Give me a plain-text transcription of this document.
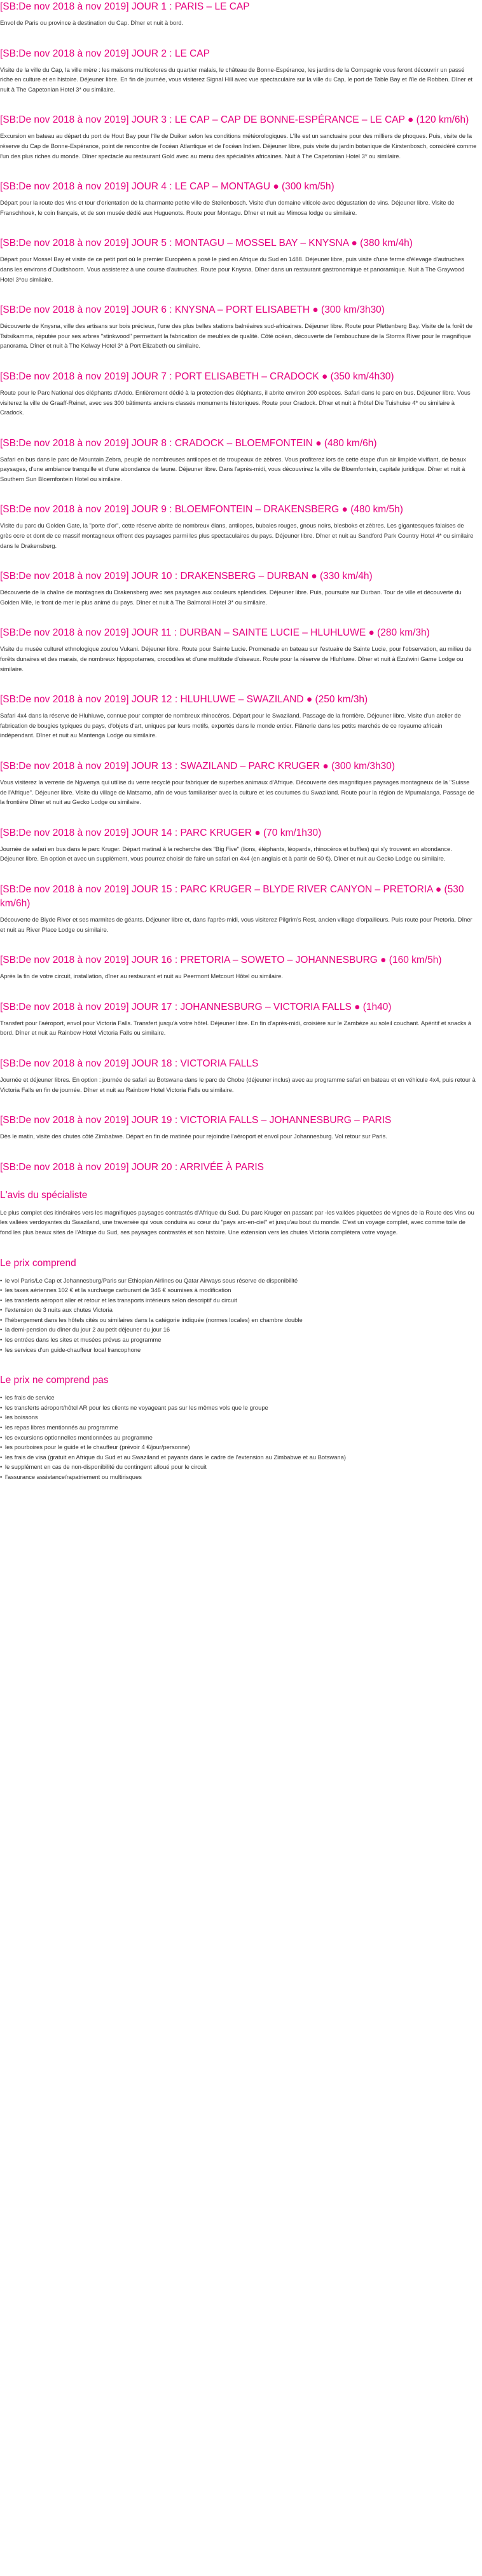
[SB:De nov 2018 à nov 2019] JOUR 1 : PARIS – LE CAP

Envol de Paris ou province à destination du Cap. Dîner et nuit à bord.

[SB:De nov 2018 à nov 2019] JOUR 2 : LE CAP

Visite de la ville du Cap, la ville mère : les maisons multicolores du quartier malais, le château de Bonne-Espérance, les jardins de la Compagnie vous feront découvrir un passé riche en culture et en histoire. Déjeuner libre. En fin de journée, vous visiterez Signal Hill avec vue spectaculaire sur la ville du Cap, le port de Table Bay et l'île de Robben. Dîner et nuit à The Capetonian Hotel 3* ou similaire.

[SB:De nov 2018 à nov 2019] JOUR 3 : LE CAP – CAP DE BONNE-ESPÉRANCE – LE CAP ● (120 km/6h)

Excursion en bateau au départ du port de Hout Bay pour l'île de Duiker selon les conditions météorologiques. L'île est un sanctuaire pour des milliers de phoques. Puis, visite de la réserve du Cap de Bonne-Espérance, point de rencontre de l'océan Atlantique et de l'océan Indien. Déjeuner libre, puis visite du jardin botanique de Kirstenbosch, considéré comme l'un des plus riches du monde. Dîner spectacle au restaurant Gold avec au menu des spécialités africaines. Nuit à The Capetonian Hotel 3* ou similaire.

[SB:De nov 2018 à nov 2019] JOUR 4 : LE CAP – MONTAGU ● (300 km/5h)

Départ pour la route des vins et tour d'orientation de la charmante petite ville de Stellenbosch. Visite d'un domaine viticole avec dégustation de vins. Déjeuner libre. Visite de Franschhoek, le coin français, et de son musée dédié aux Huguenots. Route pour Montagu. Dîner et nuit au Mimosa lodge ou similaire.

[SB:De nov 2018 à nov 2019] JOUR 5 : MONTAGU – MOSSEL BAY – KNYSNA ● (380 km/4h)

Départ pour Mossel Bay et visite de ce petit port où le premier Européen a posé le pied en Afrique du Sud en 1488. Déjeuner libre, puis visite d'une ferme d'élevage d'autruches dans les environs d'Oudtshoorn. Vous assisterez à une course d'autruches. Route pour Knysna. Dîner dans un restaurant gastronomique et panoramique. Nuit à The Graywood Hotel 3*ou similaire.

[SB:De nov 2018 à nov 2019] JOUR 6 : KNYSNA – PORT ELISABETH ● (300 km/3h30)

Découverte de Knysna, ville des artisans sur bois précieux, l'une des plus belles stations balnéaires sud-africaines. Déjeuner libre. Route pour Plettenberg Bay. Visite de la forêt de Tsitsikamma, réputée pour ses arbres "stinkwood" permettant la fabrication de meubles de qualité. Côté océan, découverte de l'embouchure de la Storms River pour le magnifique panorama. Dîner et nuit à The Kelway Hotel 3* à Port Elizabeth ou similaire.

[SB:De nov 2018 à nov 2019] JOUR 7 : PORT ELISABETH – CRADOCK ● (350 km/4h30)

Route pour le Parc National des éléphants d'Addo. Entièrement dédié à la protection des éléphants, il abrite environ 200 espèces. Safari dans le parc en bus. Déjeuner libre. Vous visiterez la ville de Graaff-Reinet, avec ses 300 bâtiments anciens classés monuments historiques. Route pour Cradock. Dîner et nuit à l'hôtel Die Tuishuise 4* ou similaire à Cradock.

[SB:De nov 2018 à nov 2019] JOUR 8 : CRADOCK – BLOEMFONTEIN ● (480 km/6h)

Safari en bus dans le parc de Mountain Zebra, peuplé de nombreuses antilopes et de troupeaux de zèbres. Vous profiterez lors de cette étape d'un air limpide vivifiant, de beaux paysages, d'une ambiance tranquille et d'une abondance de faune. Déjeuner libre. Dans l'après-midi, vous découvrirez la ville de Bloemfontein, capitale juridique. Dîner et nuit à Southern Sun Bloemfontein Hotel ou similaire.

[SB:De nov 2018 à nov 2019] JOUR 9 : BLOEMFONTEIN – DRAKENSBERG ● (480 km/5h)

Visite du parc du Golden Gate, la "porte d'or", cette réserve abrite de nombreux élans, antilopes, bubales rouges, gnous noirs, blesboks et zèbres. Les gigantesques falaises de grès ocre et dont de ce massif montagneux offrent des paysages parmi les plus spectaculaires du pays. Déjeuner libre. Dîner et nuit au Sandford Park Country Hotel 4* ou similaire dans le Drakensberg.

[SB:De nov 2018 à nov 2019] JOUR 10 : DRAKENSBERG – DURBAN ● (330 km/4h)

Découverte de la chaîne de montagnes du Drakensberg avec ses paysages aux couleurs splendides. Déjeuner libre. Puis, poursuite sur Durban. Tour de ville et découverte du Golden Mile, le front de mer le plus animé du pays. Dîner et nuit à The Balmoral Hotel 3* ou similaire.

[SB:De nov 2018 à nov 2019] JOUR 11 : DURBAN – SAINTE LUCIE – HLUHLUWE ● (280 km/3h)

Visite du musée culturel ethnologique zoulou Vukani. Déjeuner libre. Route pour Sainte Lucie. Promenade en bateau sur l'estuaire de Sainte Lucie, pour l'observation, au milieu de forêts dunaires et des marais, de nombreux hippopotames, crocodiles et d'une multitude d'oiseaux. Route pour la réserve de Hluhluwe. Dîner et nuit à Ezulwini Game Lodge ou similaire.

[SB:De nov 2018 à nov 2019] JOUR 12 : HLUHLUWE – SWAZILAND ● (250 km/3h)

Safari 4x4 dans la réserve de Hluhluwe, connue pour compter de nombreux rhinocéros. Départ pour le Swaziland. Passage de la frontière. Déjeuner libre. Visite d'un atelier de fabrication de bougies typiques du pays, d'objets d'art, uniques par leurs motifs, exportés dans le monde entier. Flânerie dans les petits marchés de ce royaume africain indépendant. Dîner et nuit au Mantenga Lodge ou similaire.

[SB:De nov 2018 à nov 2019] JOUR 13 : SWAZILAND – PARC KRUGER ● (300 km/3h30)

Vous visiterez la verrerie de Ngwenya qui utilise du verre recyclé pour fabriquer de superbes animaux d'Afrique. Découverte des magnifiques paysages montagneux de la "Suisse de l'Afrique". Déjeuner libre. Visite du village de Matsamo, afin de vous familiariser avec la culture et les coutumes du Swaziland. Route pour la région de Mpumalanga. Passage de la frontière Dîner et nuit au Gecko Lodge ou similaire.

[SB:De nov 2018 à nov 2019] JOUR 14 : PARC KRUGER ● (70 km/1h30)

Journée de safari en bus dans le parc Kruger. Départ matinal à la recherche des "Big Five" (lions, éléphants, léopards, rhinocéros et buffles) qui s'y trouvent en abondance. Déjeuner libre. En option et avec un supplément, vous pourrez choisir de faire un safari en 4x4 (en anglais et à partir de 50 €). Dîner et nuit au Gecko Lodge ou similaire.

[SB:De nov 2018 à nov 2019] JOUR 15 : PARC KRUGER – BLYDE RIVER CANYON – PRETORIA ● (530 km/6h)

Découverte de Blyde River et ses marmites de géants. Déjeuner libre et, dans l'après-midi, vous visiterez Pilgrim's Rest, ancien village d'orpailleurs. Puis route pour Pretoria. Dîner et nuit au River Place Lodge ou similaire.

[SB:De nov 2018 à nov 2019] JOUR 16 : PRETORIA – SOWETO – JOHANNESBURG ● (160 km/5h)

Après la fin de votre circuit, installation, dîner au restaurant et nuit au Peermont Metcourt Hôtel ou similaire.

[SB:De nov 2018 à nov 2019] JOUR 17 : JOHANNESBURG – VICTORIA FALLS ● (1h40)

Transfert pour l'aéroport, envol pour Victoria Falls. Transfert jusqu'à votre hôtel. Déjeuner libre. En fin d'après-midi, croisière sur le Zambèze au soleil couchant. Apéritif et snacks à bord. Dîner et nuit au Rainbow Hotel Victoria Falls ou similaire.

[SB:De nov 2018 à nov 2019] JOUR 18 : VICTORIA FALLS

Journée et déjeuner libres. En option : journée de safari au Botswana dans le parc de Chobe (déjeuner inclus) avec au programme safari en bateau et en véhicule 4x4, puis retour à Victoria Falls en fin de journée. Dîner et nuit au Rainbow Hotel Victoria Falls ou similaire.

[SB:De nov 2018 à nov 2019] JOUR 19 : VICTORIA FALLS – JOHANNESBURG – PARIS

Dès le matin, visite des chutes côté Zimbabwe. Départ en fin de matinée pour rejoindre l'aéroport et envol pour Johannesburg. Vol retour sur Paris.

[SB:De nov 2018 à nov 2019] JOUR 20 : ARRIVÉE À PARIS

L'avis du spécialiste

Le plus complet des itinéraires vers les magnifiques paysages contrastés d'Afrique du Sud. Du parc Kruger en passant par -les vallées piquetées de vignes de la Route des Vins ou les vallées verdoyantes du Swaziland, une traversée qui vous conduira au cœur du "pays arc-en-ciel" et jusqu'au bout du monde. C'est un voyage complet, avec comme toile de fond les plus beaux sites de l'Afrique du Sud, ses paysages contrastés et son histoire. Une extension vers les chutes Victoria complétera votre voyage.

Le prix comprend
• le vol Paris/Le Cap et Johannesburg/Paris sur Ethiopian Airlines ou Qatar Airways sous réserve de disponibilité
• les taxes aériennes 102 € et la surcharge carburant de 346 € soumises à modification
• les transferts aéroport aller et retour et les transports intérieurs selon descriptif du circuit
• l'extension de 3 nuits aux chutes Victoria
• l'hébergement dans les hôtels cités ou similaires dans la catégorie indiquée (normes locales) en chambre double
• la demi-pension du dîner du jour 2 au petit déjeuner du jour 16
• les entrées dans les sites et musées prévus au programme
• les services d'un guide-chauffeur local francophone
Le prix ne comprend pas
• les frais de service
• les transferts aéroport/hôtel AR pour les clients ne voyageant pas sur les mêmes vols que le groupe
• les boissons
• les repas libres mentionnés au programme
• les excursions optionnelles mentionnées au programme
• les pourboires pour le guide et le chauffeur (prévoir 4 €/jour/personne)
• les frais de visa (gratuit en Afrique du Sud et au Swaziland et payants dans le cadre de l'extension au Zimbabwe et au Botswana)
• le supplément en cas de non-disponibilité du contingent alloué pour le circuit
• l'assurance assistance/rapatriement ou multirisques
